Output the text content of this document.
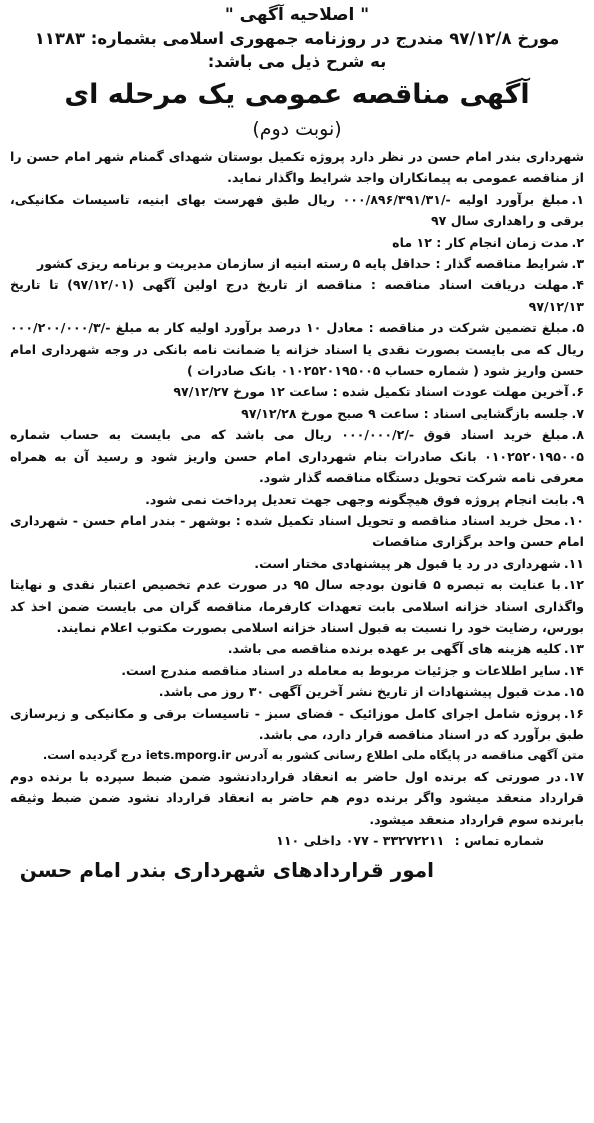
" اصلاحیه آگهی "

مورخ ۹۷/۱۲/۸ مندرج در روزنامه جمهوری اسلامی بشماره: ۱۱۳۸۳

به شرح ذیل می باشد:

آگهی مناقصه عمومی یک مرحله ای

(نوبت دوم)

شهرداری بندر امام حسن در نظر دارد پروژه تکمیل بوستان شهدای گمنام شهر امام حسن را از مناقصه عمومی به پیمانکاران واجد شرایط واگذار نماید.

۱.مبلغ برآورد اولیه -/۰۰۰/۸۹۶/۳۹۱/۳۱ ریال طبق فهرست بهای ابنیه، تاسیسات مکانیکی، برقی و راهداری سال ۹۷

۲.مدت زمان انجام کار : ۱۲ ماه

۳.شرایط مناقصه گذار : حداقل پایه ۵ رسته ابنیه از سازمان مدیریت و برنامه ریزی کشور

۴.مهلت دریافت اسناد مناقصه : مناقصه از تاریخ درج اولین آگهی (۹۷/۱۲/۰۱) تا تاریخ ۹۷/۱۲/۱۳

۵.مبلغ تضمین شرکت در مناقصه : معادل ۱۰ درصد برآورد اولیه کار به مبلغ -/۰۰۰/۲۰۰/۰۰۰/۳ ریال که می بایست بصورت نقدی یا اسناد خزانه یا ضمانت نامه بانکی در وجه شهرداری امام حسن واریز شود ( شماره حساب ۰۱۰۲۵۲۰۱۹۵۰۰۵ بانک صادرات )

۶.آخرین مهلت عودت اسناد تکمیل شده : ساعت ۱۲ مورخ ۹۷/۱۲/۲۷

۷.جلسه بازگشایی اسناد : ساعت ۹ صبح مورخ ۹۷/۱۲/۲۸

۸.مبلغ خرید اسناد فوق -/۰۰۰/۰۰۰/۲ ریال می باشد که می بایست به حساب شماره ۰۱۰۲۵۲۰۱۹۵۰۰۵ بانک صادرات بنام شهرداری امام حسن واریز شود و رسید آن به همراه معرفی نامه شرکت تحویل دستگاه مناقصه گذار شود.

۹.بابت انجام پروژه فوق هیچگونه وجهی جهت تعدیل پرداخت نمی شود.

۱۰.محل خرید اسناد مناقصه و تحویل اسناد تکمیل شده : بوشهر - بندر امام حسن - شهرداری امام حسن واحد برگزاری مناقصات

۱۱.شهرداری در رد یا قبول هر پیشنهادی مختار است.

۱۲.با عنایت به تبصره ۵ قانون بودجه سال ۹۵ در صورت عدم تخصیص اعتبار نقدی و نهایتا واگذاری اسناد خزانه اسلامی بابت تعهدات کارفرما، مناقصه گران می بایست ضمن اخذ کد بورس، رضایت خود را نسبت به قبول اسناد خزانه اسلامی بصورت مکتوب اعلام نمایند.

۱۳.کلیه هزینه های آگهی بر عهده برنده مناقصه می باشد.

۱۴.سایر اطلاعات و جزئیات مربوط به معامله در اسناد مناقصه مندرج است.

۱۵.مدت قبول پیشنهادات از تاریخ نشر آخرین آگهی ۳۰ روز می باشد.

۱۶.پروژه شامل اجرای کامل موزائیک - فضای سبز - تاسیسات برقی و مکانیکی و زیرسازی طبق برآورد که در اسناد مناقصه قرار دارد، می باشد.

متن آگهی مناقصه در پایگاه ملی اطلاع رسانی کشور به آدرس iets.mporg.ir درج گردیده است.

۱۷.در صورتی که برنده اول حاضر به انعقاد قراردادنشود ضمن ضبط سپرده با برنده دوم قرارداد منعقد میشود واگر برنده دوم هم حاضر به انعقاد قرارداد نشود ضمن ضبط وثیقه بابرنده سوم قرارداد منعقد میشود.

شماره تماس : ۰۷۷ - ۳۳۲۷۲۲۱۱ داخلی ۱۱۰

امور قراردادهای شهرداری بندر امام حسن
